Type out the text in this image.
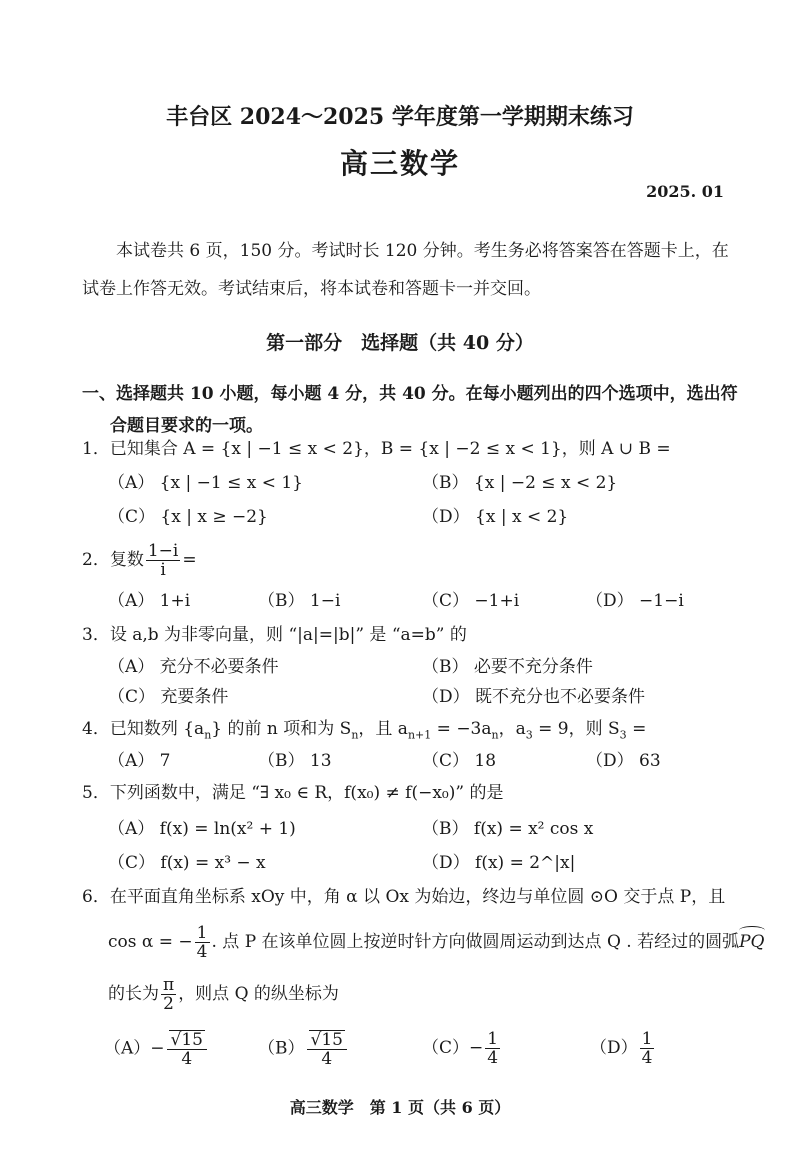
丰台区 2024～2025 学年度第一学期期末练习
高三数学
2025. 01
本试卷共 6 页，150 分。考试时长 120 分钟。考生务必将答案答在答题卡上，在试卷上作答无效。考试结束后，将本试卷和答题卡一并交回。
第一部分　选择题（共 40 分）
一、选择题共 10 小题，每小题 4 分，共 40 分。在每小题列出的四个选项中，选出符
合题目要求的一项。
1．已知集合 A = {x | −1 ≤ x < 2}，B = {x | −2 ≤ x < 1}，则 A ∪ B =
（A） {x | −1 ≤ x < 1}	（B） {x | −2 ≤ x < 2}
（C） {x | x ≥ −2}	（D） {x | x < 2}
2．复数 $\frac{1-i}{i}$ =
（A） 1+i	（B） 1−i	（C） −1+i	（D） −1−i
3．设 a,b 为非零向量，则 “|a|=|b|” 是 “a=b” 的
（A） 充分不必要条件	（B） 必要不充分条件
（C） 充要条件	（D） 既不充分也不必要条件
4．已知数列 $\{a_n\}$ 的前 n 项和为 $S_n$，且 $a_{n+1} = -3a_n$，$a_3 = 9$，则 $S_3$ =
（A） 7	（B） 13	（C） 18	（D） 63
5．下列函数中，满足 “∃ x₀ ∈ R，f(x₀) ≠ f(−x₀)” 的是
（A） f(x) = ln(x² + 1)	（B） f(x) = x² cos x
（C） f(x) = x³ − x	（D） f(x) = 2^|x|
6．在平面直角坐标系 xOy 中，角 α 以 Ox 为始边，终边与单位圆 ⊙O 交于点 P，且
cos α = − $\frac{1}{4}$ . 点 P 在该单位圆上按逆时针方向做圆周运动到达点 Q . 若经过的圆弧PQ
的长为 $\frac{\pi}{2}$ ，则点 Q 的纵坐标为
$(A)- \frac{√15}{4}$	$(B) \frac{√15}{4}$	$(C)- \frac{1}{4}$	$(D) \frac{1}{4}$
高三数学　第 1 页（共 6 页）
